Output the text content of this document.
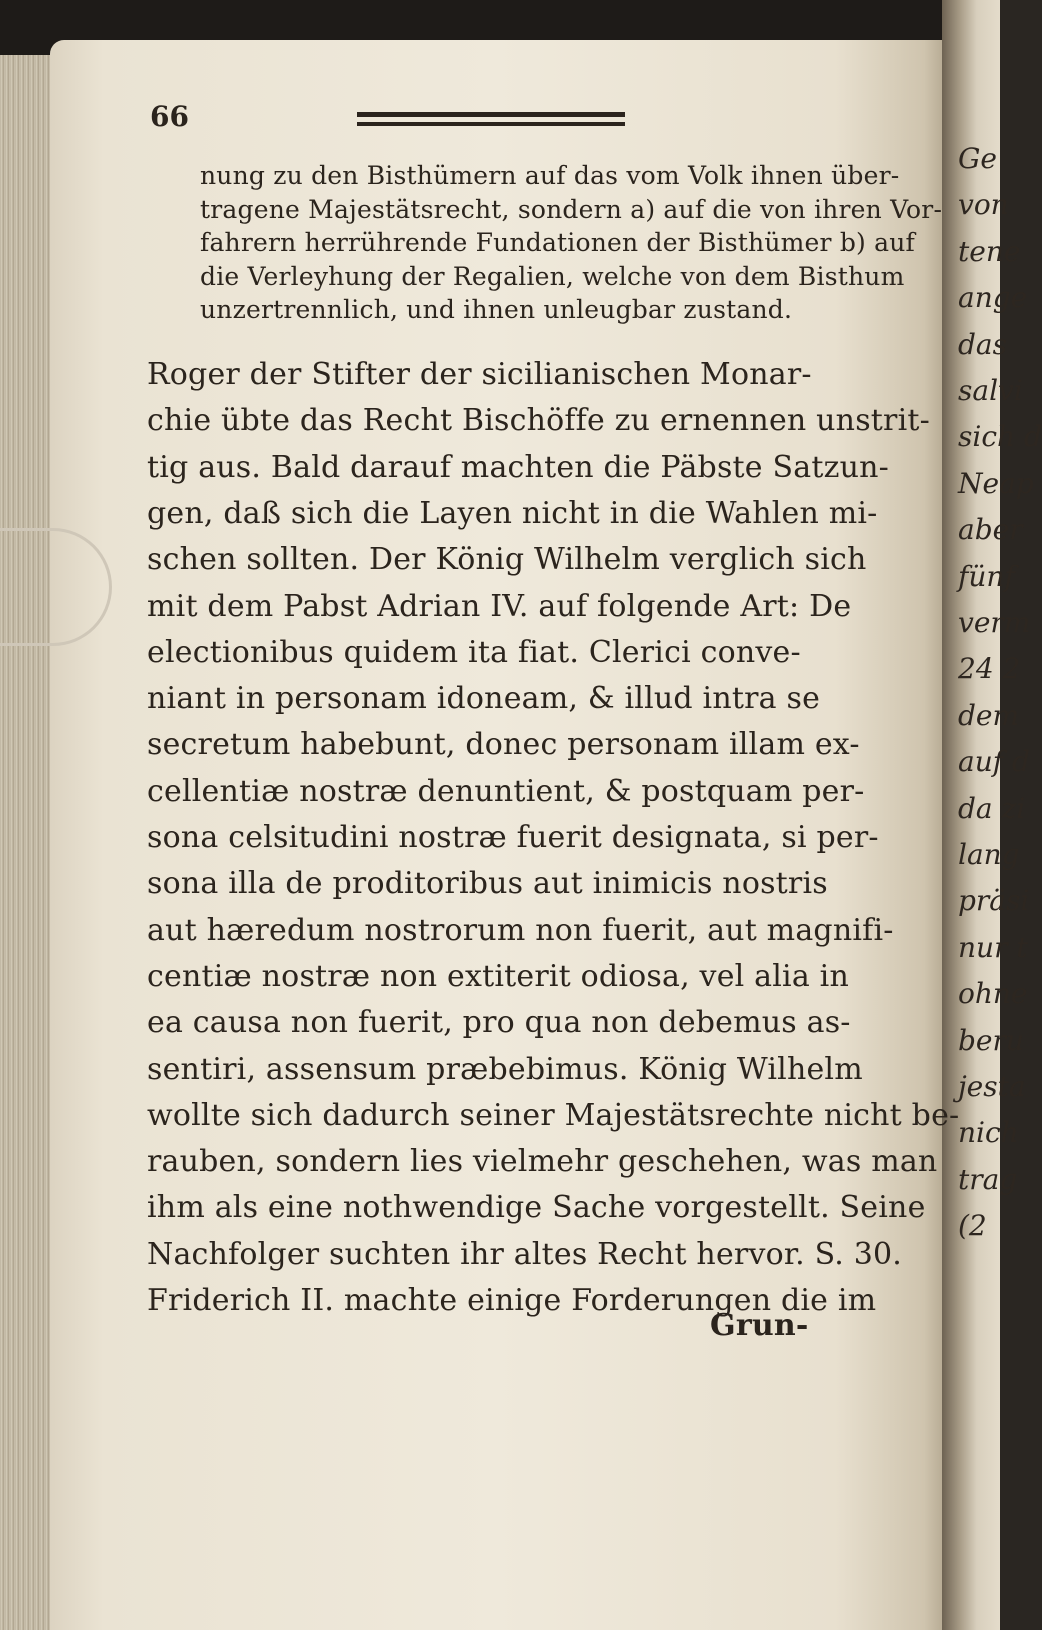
Ge
von
tene
ange
das
salvi
sich d
Neap
aber
fünf
verm
24 2
dem
auf d
da zi
lang
präsi
nur t
ohne
beru
jesta
nich
trag
(2
66
nung zu den Bisthümern auf das vom Volk ihnen über-
tragene Majestätsrecht, sondern a) auf die von ihren Vor-
fahrern herrührende Fundationen der Bisthümer b) auf
die Verleyhung der Regalien, welche von dem Bisthum
unzertrennlich, und ihnen unleugbar zustand.
Roger der Stifter der sicilianischen Monar-
chie übte das Recht Bischöffe zu ernennen unstrit-
tig aus. Bald darauf machten die Päbste Satzun-
gen, daß sich die Layen nicht in die Wahlen mi-
schen sollten. Der König Wilhelm verglich sich
mit dem Pabst Adrian IV. auf folgende Art: De
electionibus quidem ita fiat. Clerici conve-
niant in personam idoneam, & illud intra se
secretum habebunt, donec personam illam ex-
cellentiæ nostræ denuntient, & postquam per-
sona celsitudini nostræ fuerit designata, si per-
sona illa de proditoribus aut inimicis nostris
aut hæredum nostrorum non fuerit, aut magnifi-
centiæ nostræ non extiterit odiosa, vel alia in
ea causa non fuerit, pro qua non debemus as-
sentiri, assensum præbebimus. König Wilhelm
wollte sich dadurch seiner Majestätsrechte nicht be-
rauben, sondern lies vielmehr geschehen, was man
ihm als eine nothwendige Sache vorgestellt. Seine
Nachfolger suchten ihr altes Recht hervor. S. 30.
Friderich II. machte einige Forderungen die im
Grun-
